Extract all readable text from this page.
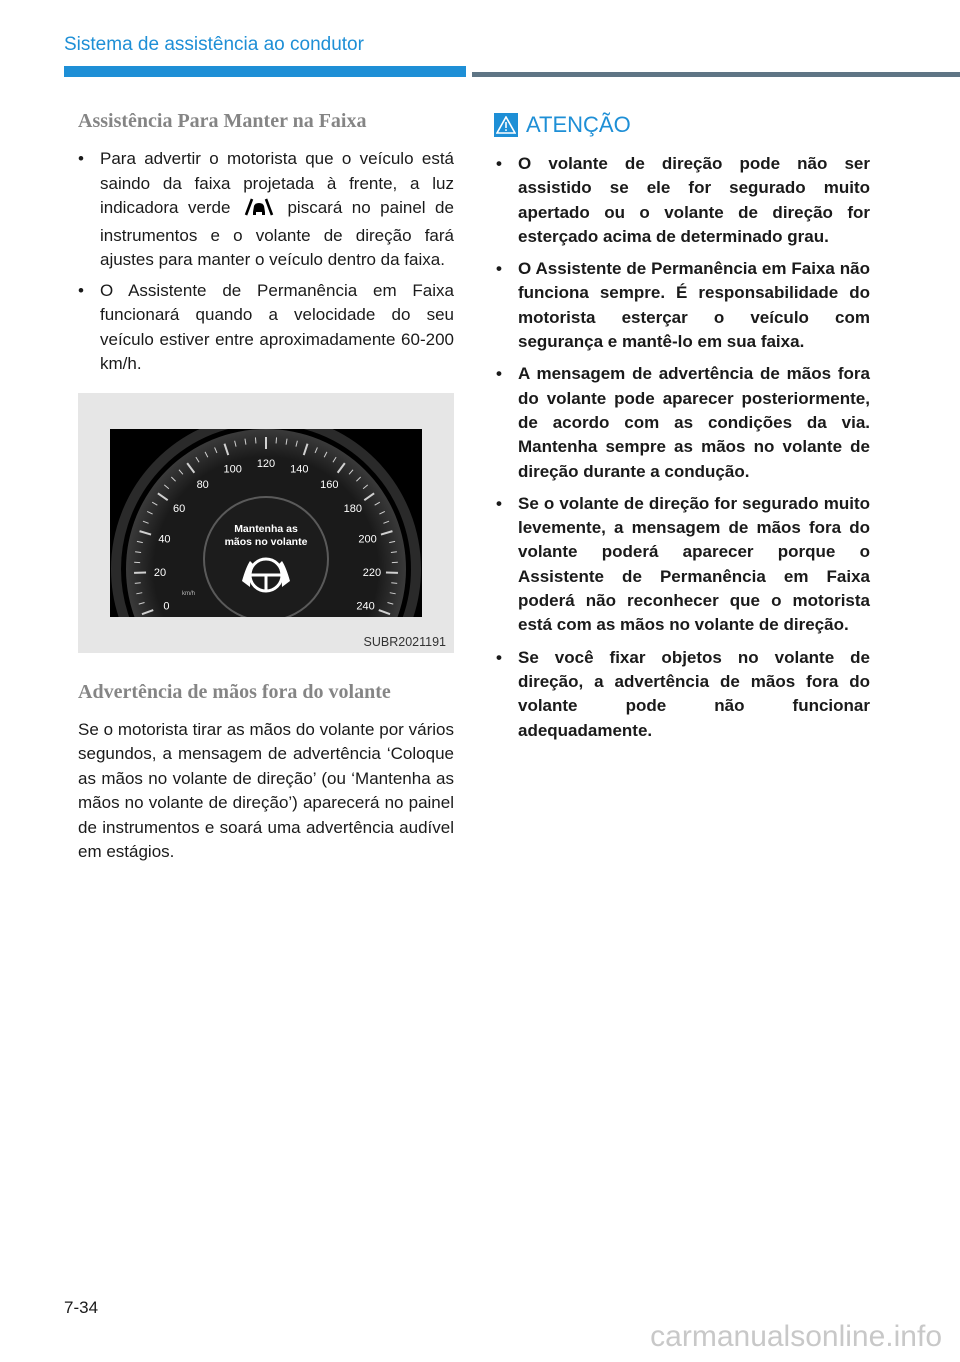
Sistema de assistência ao condutor
Assistência Para Manter na Faixa
• Para advertir o motorista que o veículo está saindo da faixa projetada à frente, a luz indicadora verde	piscará no painel de instrumentos e o volante de direção fará ajustes para manter o veículo dentro da faixa.
• O Assistente de Permanência em Faixa funcionará quando a velocidade do seu veículo estiver entre aproximadamente 60-200 km/h.
0
20
40
60
80
100 120 140
160
180
200
220
240
Mantenha as
mãos no volante
km/h
SUBR2021191
Advertência de mãos fora do volante

Se o motorista tirar as mãos do volante por vários segundos, a mensagem de advertência ‘Coloque as mãos no volante de direção’ (ou ‘Mantenha as mãos no volante de direção’) aparecerá no painel de instrumentos e soará uma advertência audível em estágios.

ATENÇÃO
• O volante de direção pode não ser assistido se ele for segurado muito apertado ou o volante de direção for esterçado acima de determinado grau.
• O Assistente de Permanência em Faixa não funciona sempre. É responsabilidade do motorista esterçar o veículo com segurança e mantê-lo em sua faixa.
• A mensagem de advertência de mãos fora do volante pode aparecer posteriormente, de acordo com as condições da via. Mantenha sempre as mãos no volante de direção durante a condução.
• Se o volante de direção for segurado muito levemente, a mensagem de mãos fora do volante poderá aparecer porque o Assistente de Permanência em Faixa poderá não reconhecer que o motorista está com as mãos no volante de direção.
• Se você fixar objetos no volante de direção, a advertência de mãos fora do volante pode não funcionar adequadamente.
7-34
carmanualsonline.info
